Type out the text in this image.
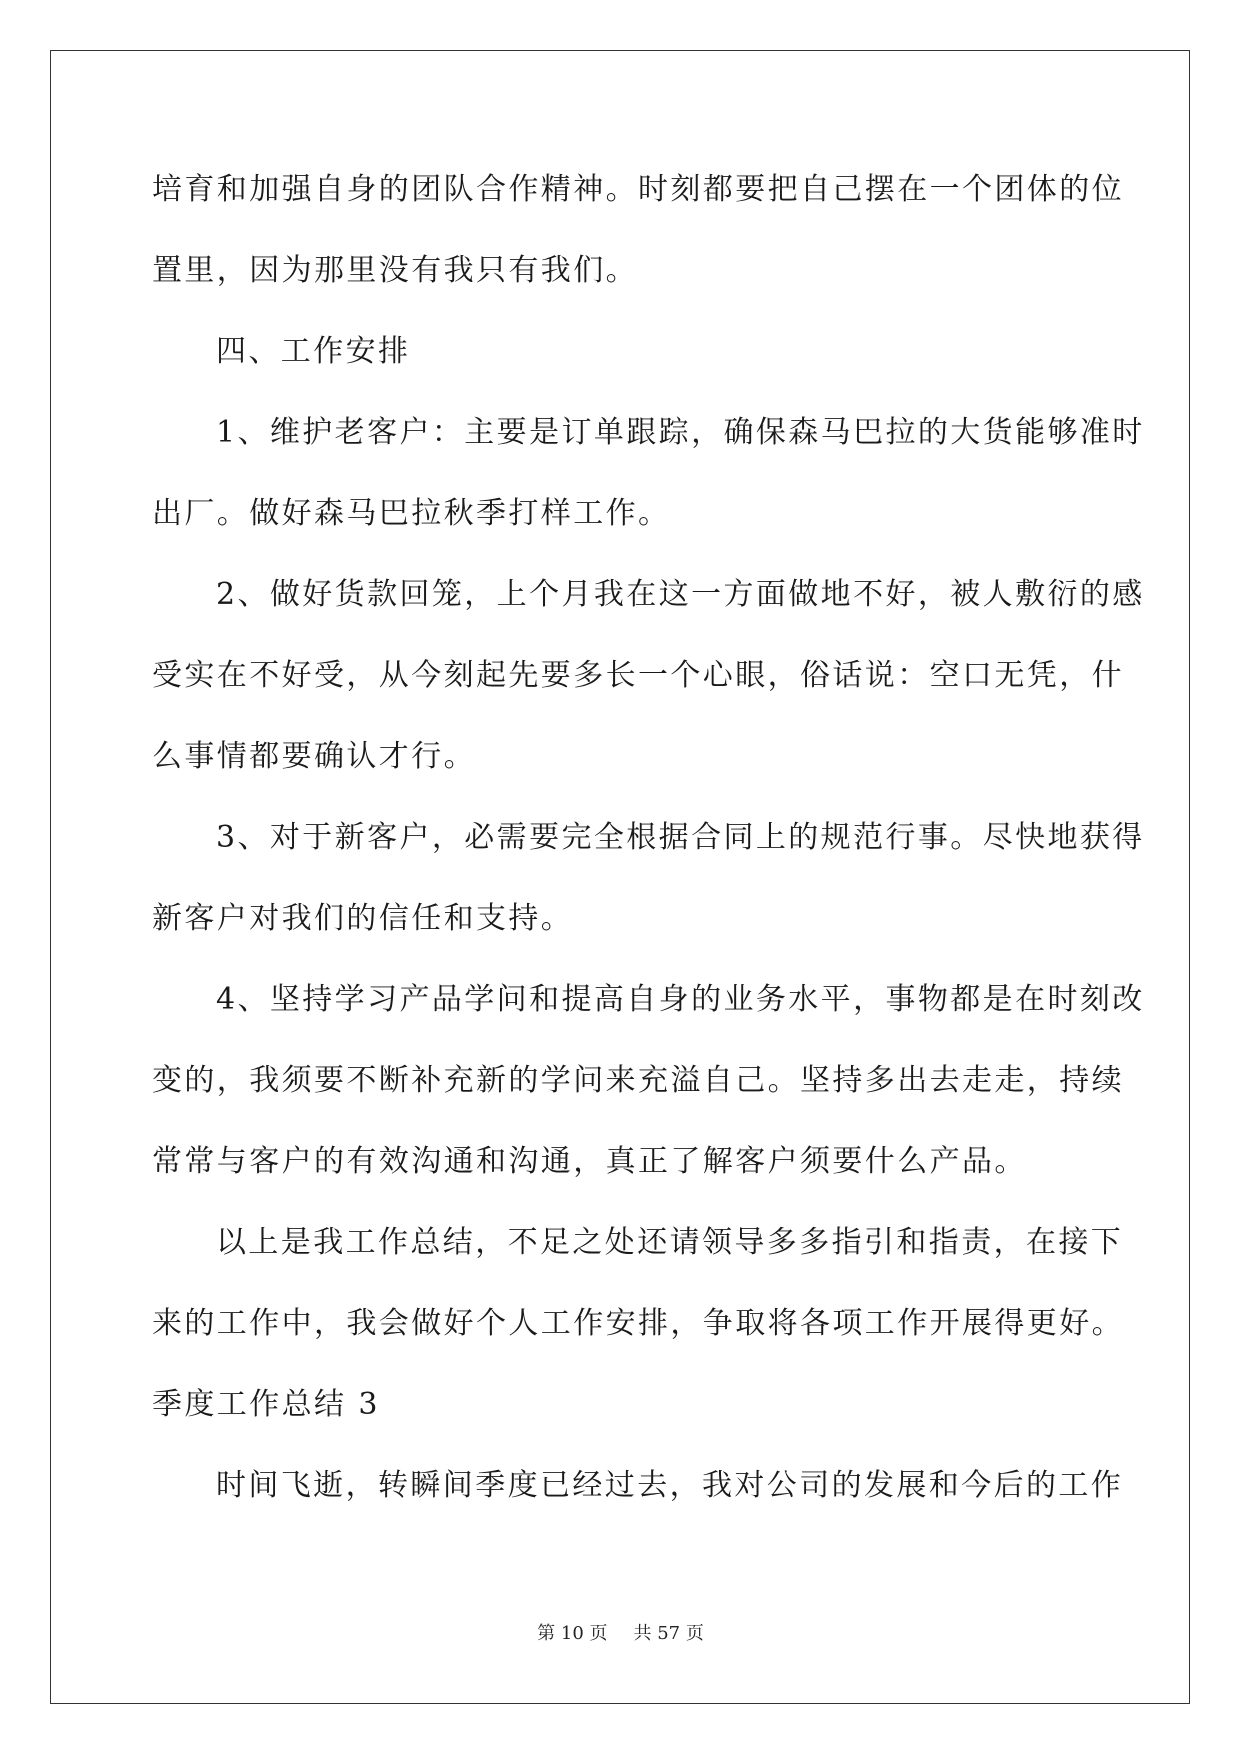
培育和加强自身的团队合作精神。时刻都要把自己摆在一个团体的位
置里，因为那里没有我只有我们。
四、工作安排
1、维护老客户：主要是订单跟踪，确保森马巴拉的大货能够准时
出厂。做好森马巴拉秋季打样工作。
2、做好货款回笼，上个月我在这一方面做地不好，被人敷衍的感
受实在不好受，从今刻起先要多长一个心眼，俗话说：空口无凭，什
么事情都要确认才行。
3、对于新客户，必需要完全根据合同上的规范行事。尽快地获得
新客户对我们的信任和支持。
4、坚持学习产品学问和提高自身的业务水平，事物都是在时刻改
变的，我须要不断补充新的学问来充溢自己。坚持多出去走走，持续
常常与客户的有效沟通和沟通，真正了解客户须要什么产品。
以上是我工作总结，不足之处还请领导多多指引和指责，在接下
来的工作中，我会做好个人工作安排，争取将各项工作开展得更好。
季度工作总结 3
时间飞逝，转瞬间季度已经过去，我对公司的发展和今后的工作
第 10 页 共 57 页
